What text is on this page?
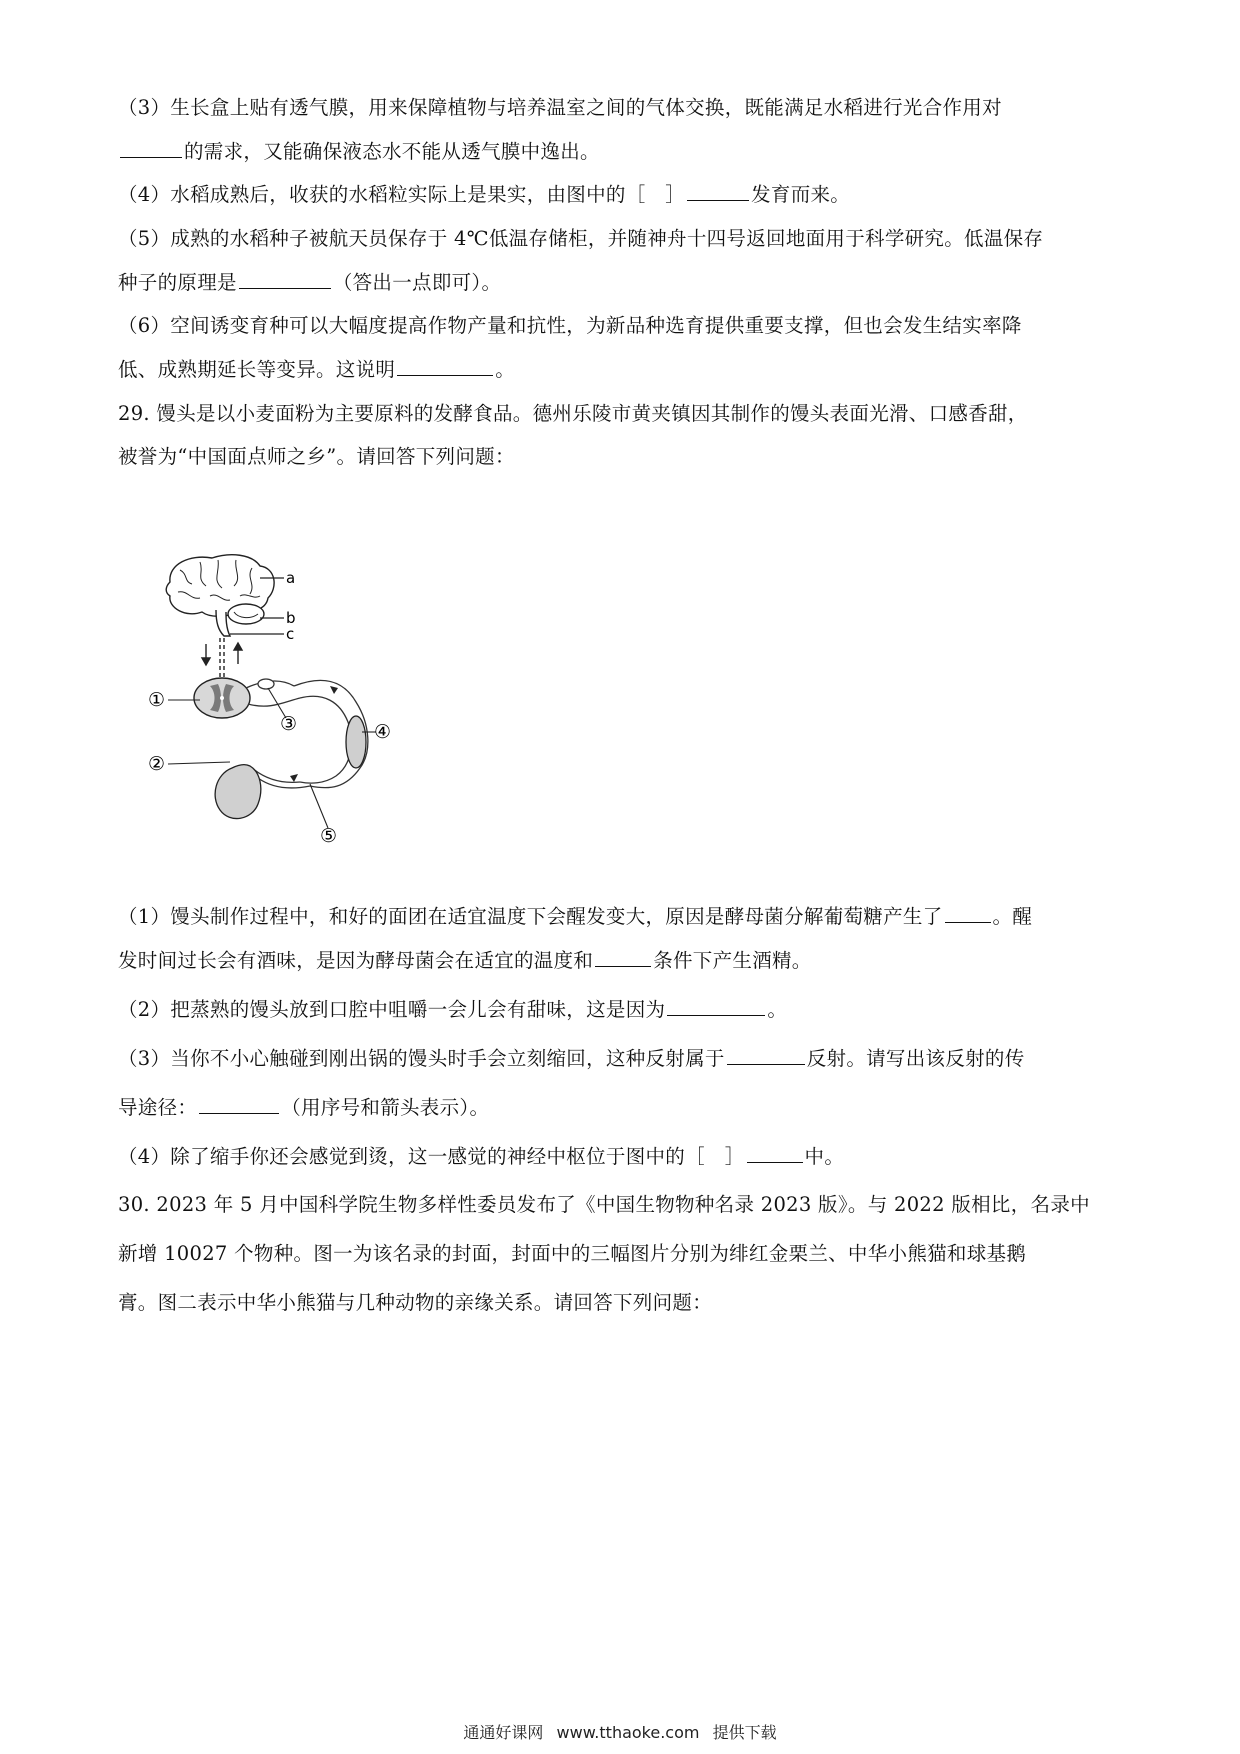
（3）生长盒上贴有透气膜，用来保障植物与培养温室之间的气体交换，既能满足水稻进行光合作用对
的需求，又能确保液态水不能从透气膜中逸出。
（4）水稻成熟后，收获的水稻粒实际上是果实，由图中的［　］	发育而来。
（5）成熟的水稻种子被航天员保存于 4℃低温存储柜，并随神舟十四号返回地面用于科学研究。低温保存
种子的原理是	（答出一点即可）。
（6）空间诱变育种可以大幅度提高作物产量和抗性，为新品种选育提供重要支撑，但也会发生结实率降
低、成熟期延长等变异。这说明	。
29. 馒头是以小麦面粉为主要原料的发酵食品。德州乐陵市黄夹镇因其制作的馒头表面光滑、口感香甜，
被誉为“中国面点师之乡”。请回答下列问题：
a
b
c
①
②
③	④
⑤
（1）馒头制作过程中，和好的面团在适宜温度下会醒发变大，原因是酵母菌分解葡萄糖产生了	。醒
发时间过长会有酒味，是因为酵母菌会在适宜的温度和	条件下产生酒精。
（2）把蒸熟的馒头放到口腔中咀嚼一会儿会有甜味，这是因为	。
（3）当你不小心触碰到刚出锅的馒头时手会立刻缩回，这种反射属于	反射。请写出该反射的传
导途径：	（用序号和箭头表示）。
（4）除了缩手你还会感觉到烫，这一感觉的神经中枢位于图中的［　］	中。
30. 2023 年 5 月中国科学院生物多样性委员发布了《中国生物物种名录 2023 版》。与 2022 版相比，名录中
新增 10027 个物种。图一为该名录的封面，封面中的三幅图片分别为绯红金栗兰、中华小熊猫和球基鹅
膏。图二表示中华小熊猫与几种动物的亲缘关系。请回答下列问题：
通通好课网 www.tthaoke.com 提供下载
